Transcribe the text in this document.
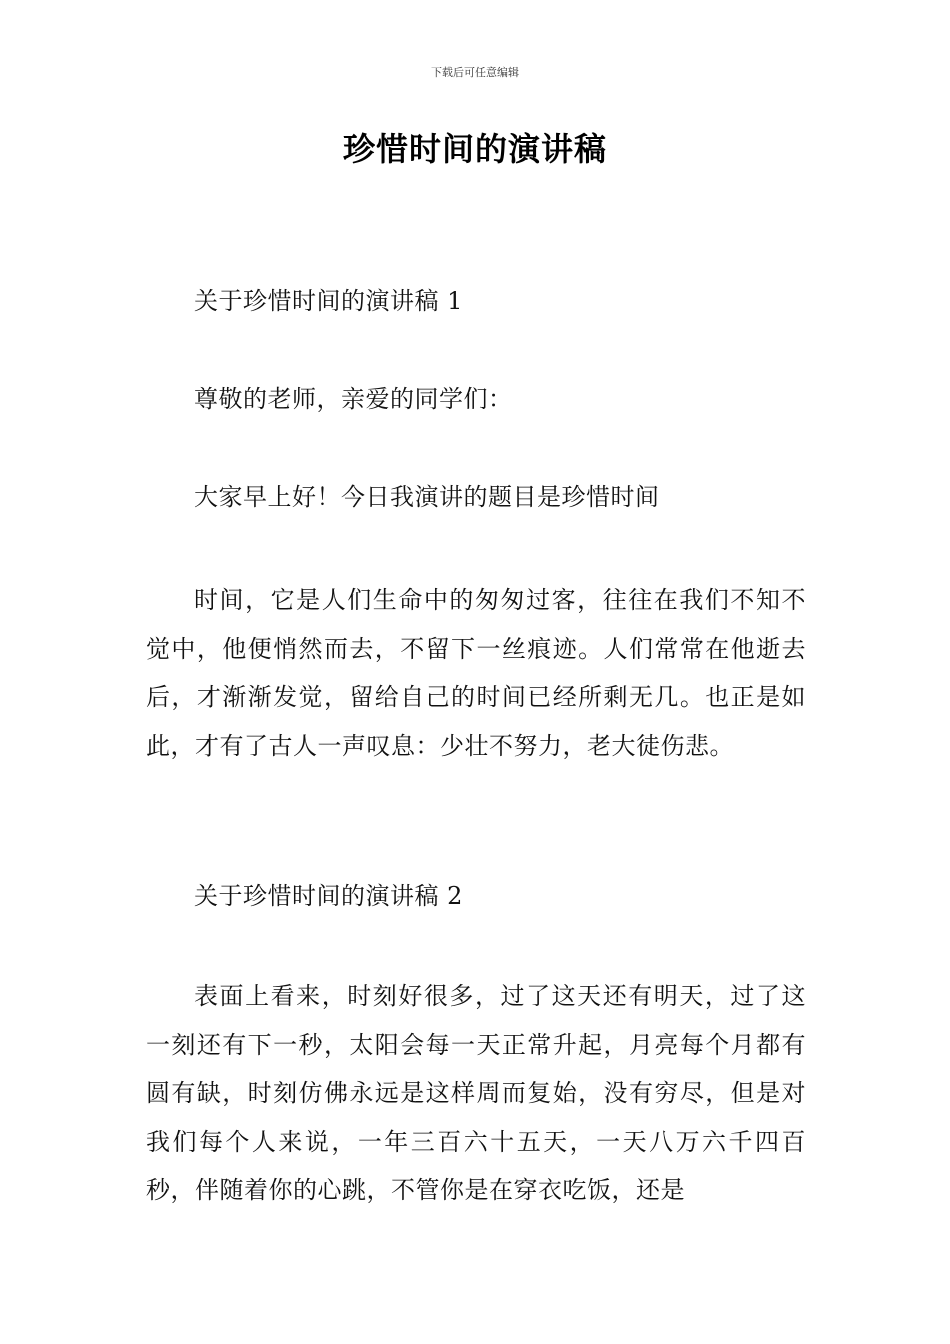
下载后可任意编辑
珍惜时间的演讲稿

关于珍惜时间的演讲稿 1

尊敬的老师，亲爱的同学们：

大家早上好！今日我演讲的题目是珍惜时间

时间，它是人们生命中的匆匆过客，往往在我们不知不觉中，他便悄然而去，不留下一丝痕迹。人们常常在他逝去后，才渐渐发觉，留给自己的时间已经所剩无几。也正是如此，才有了古人一声叹息：少壮不努力，老大徒伤悲。

关于珍惜时间的演讲稿 2

表面上看来，时刻好很多，过了这天还有明天，过了这一刻还有下一秒，太阳会每一天正常升起，月亮每个月都有圆有缺，时刻仿佛永远是这样周而复始，没有穷尽，但是对我们每个人来说，一年三百六十五天，一天八万六千四百秒，伴随着你的心跳，不管你是在穿衣吃饭，还是
